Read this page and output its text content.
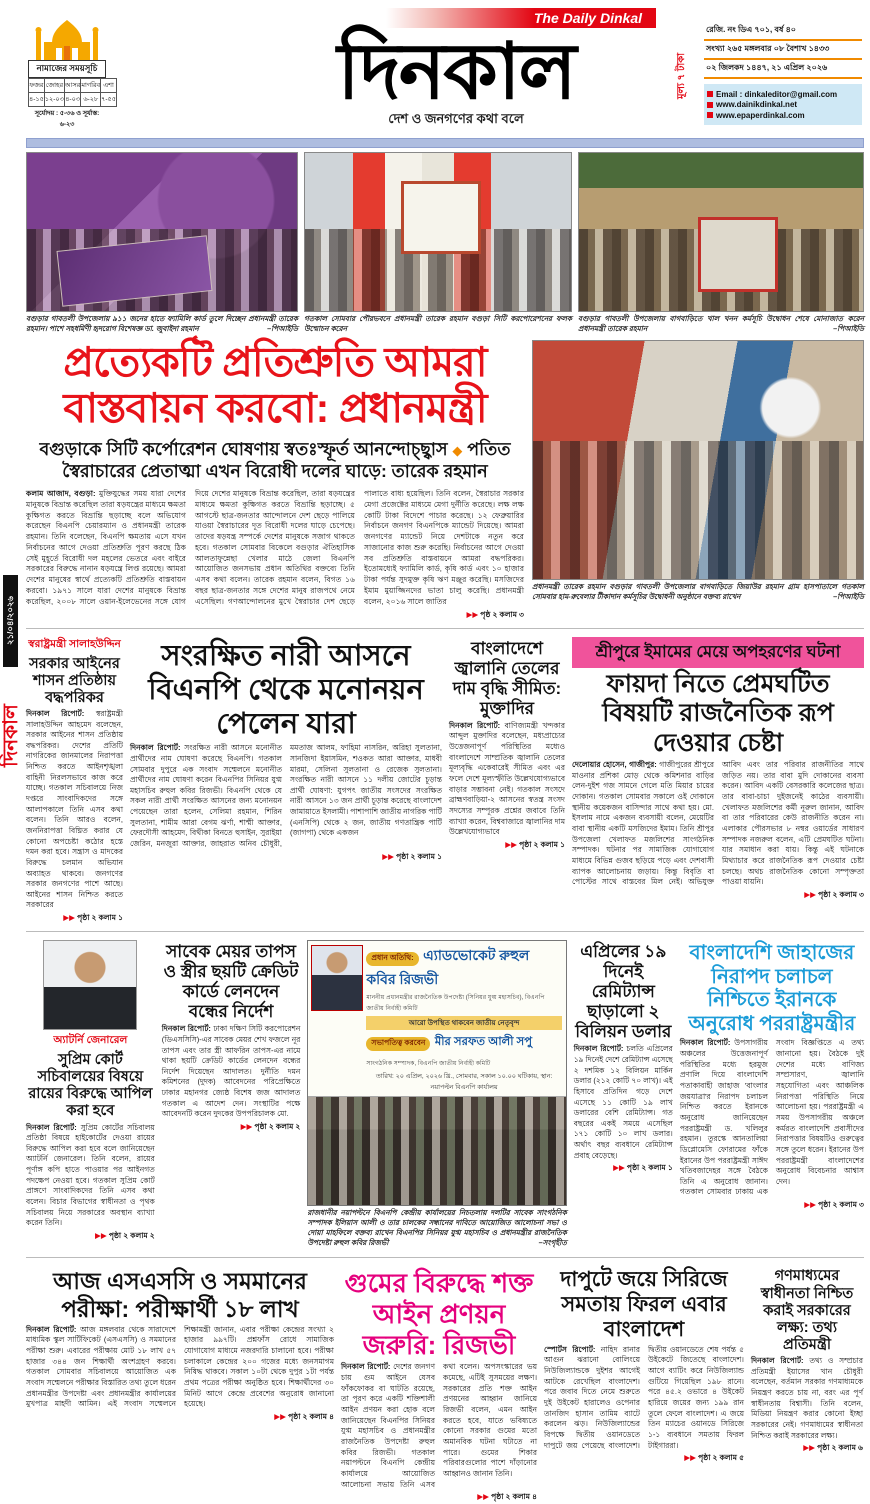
২১/০৪/২০২৬
দিনকাল
নামাজের সময়সূচি
ফজর	জোহর	আসর	মাগরিব	এশা
৪-১৫	১২-০৩	৪-০৩	৬-২৮	৭-৫৫
সূর্যোদয় : ৫-৩৬ ও সূর্যাস্ত: ৬-২৩
The Daily Dinkal
দিনকাল
দেশ ও জনগণের কথা বলে
মূল্য ৭ টাকা
রেজি. নং ডিএ ৭০১, বর্ষ ৪০
সংখ্যা ২৬৫ মঙ্গলবার ০৮ বৈশাখ ১৪৩৩
০২ জিলকদ ১৪৪৭, ২১ এপ্রিল ২০২৬
Email : dinkaleditor@gmail.com
www.dainikdinkal.net
www.epaperdinkal.com
বগুড়ার গাবতলী উপজেলায় ৯১১ জনের হাতে ফ্যামিলি কার্ড তুলে দিচ্ছেন প্রধানমন্ত্রী তারেক রহমান। পাশে সহধর্মিণী হৃদরোগ বিশেষজ্ঞ ডা. জুবাইদা রহমান	–পিআইডি
গতকাল সোমবার পৌরভবনে প্রধানমন্ত্রী তারেক রহমান বগুড়া সিটি করপোরেশনের ফলক উন্মোচন করেন
বগুড়ার গাবতলী উপজেলায় বাগবাড়িতে খাল খনন কর্মসূচি উদ্বোধন শেষে মোনাজাত করেন প্রধানমন্ত্রী তারেক রহমান	–পিআইডি
প্রত্যেকটি প্রতিশ্রুতি আমরা বাস্তবায়ন করবো: প্রধানমন্ত্রী
বগুড়াকে সিটি কর্পোরেশন ঘোষণায় স্বতঃস্ফূর্ত আনন্দোচ্ছ্বাস ◆ পতিত স্বৈরাচারের প্রেতাত্মা এখন বিরোধী দলের ঘাড়ে: তারেক রহমান
কলাম আজাদ, বগুড়া: মুক্তিযুদ্ধের সময় যারা দেশের মানুষকে বিভ্রান্ত করেছিল তারা ষড়যন্ত্রের মাধ্যমে ক্ষমতা কুক্ষিগত করতে বিভ্রান্তি ছড়াচ্ছে বলে অভিযোগ করেছেন বিএনপি চেয়ারম্যান ও প্রধানমন্ত্রী তারেক রহমান। তিনি বলেছেন, বিএনপি ক্ষমতায় এসে যখন নির্বাচনের আগে দেওয়া প্রতিশ্রুতি পূরণ করছে ঠিক সেই মুহূর্তে বিরোধী দল মহলের ভেতরে এবং বাইরে সরকারের বিরুদ্ধে নানান ষড়যন্ত্রে লিপ্ত রয়েছে। আমরা দেশের মানুষের স্বার্থে প্রত্যেকটি প্রতিশ্রুতি বাস্তবায়ন করবো। ১৯৭১ সালে যারা দেশের মানুষকে বিভ্রান্ত করেছিল, ২০০৮ সালে ওয়ান-ইলেভেনের সঙ্গে যোগ দিয়ে দেশের মানুষকে বিভ্রান্ত করেছিল, তারা ষড়যন্ত্রের মাধ্যমে ক্ষমতা কুক্ষিগত করতে বিভ্রান্তি ছড়াচ্ছে। ৫ আগস্টে ছাত্র-জনতার আন্দোলনে দেশ ছেড়ে পালিয়ে যাওয়া স্বৈরাচারের দূত বিরোধী দলের ঘাড়ে চেপেছে। তাদের ষড়যন্ত্র সম্পর্কে দেশের মানুষকে সজাগ থাকতে হবে। গতকাল সোমবার বিকেলে বগুড়ার ঐতিহাসিক আলতাফুন্নেছা খেলার মাঠে জেলা বিএনপি আয়োজিত জনসভায় প্রধান অতিথির বক্তব্যে তিনি এসব কথা বলেন। তারেক রহমান বলেন, বিগত ১৬ বছর ছাত্র-জনতার সঙ্গে দেশের মানুষ রাজপথে নেমে এসেছিল। গণআন্দোলনের মুখে স্বৈরাচার দেশ ছেড়ে পালাতে বাধ্য হয়েছিল। তিনি বলেন, স্বৈরাচার সরকার মেগা প্রজেক্টের মাধ্যমে মেগা দুর্নীতি করেছে। লক্ষ লক্ষ কোটি টাকা বিদেশে পাচার করেছে। ১২ ফেব্রুয়ারির নির্বাচনে জনগণ বিএনপিকে ম্যান্ডেট দিয়েছে। আমরা জনগণের ম্যান্ডেট নিয়ে দেশটাকে নতুন করে সাজানোর কাজ শুরু করেছি। নির্বাচনের আগে দেওয়া সব প্রতিশ্রুতি বাস্তবায়নে আমরা বদ্ধপরিকর। ইতোমধ্যেই ফ্যামিলি কার্ড, কৃষি কার্ড এবং ১০ হাজার টাকা পর্যন্ত সুদমুক্ত কৃষি ঋণ মঞ্জুর করেছি। মসজিদের ইমাম মুয়াজ্জিনদের ভাতা চালু করেছি। প্রধানমন্ত্রী বলেন, ২০১৬ সালে জাতির
▶▶ পৃষ্ঠ ২ কলাম ৩
প্রধানমন্ত্রী তারেক রহমান বগুড়ার গাবতলী উপজেলার বাগবাড়িতে জিয়াউর রহমান গ্রাম হাসপাতালে গতকাল সোমবার হাম-রুবেলার টীকাদান কর্মসূচির উদ্বোধনী অনুষ্ঠানে বক্তব্য রাখেন	–পিআইডি
স্বরাষ্ট্রমন্ত্রী সালাহউদ্দিন
সরকার আইনের শাসন প্রতিষ্ঠায় বদ্ধপরিকর
দিনকাল রিপোর্ট: স্বরাষ্ট্রমন্ত্রী সালাহউদ্দিন আহমেদ বলেছেন, সরকার আইনের শাসন প্রতিষ্ঠায় বদ্ধপরিকর। দেশের প্রতিটি নাগরিকের জানমালের নিরাপত্তা নিশ্চিত করতে আইনশৃঙ্খলা বাহিনী নিরলসভাবে কাজ করে যাচ্ছে। গতকাল সচিবালয়ে নিজ দপ্তরে সাংবাদিকদের সঙ্গে আলাপকালে তিনি এসব কথা বলেন। তিনি আরও বলেন, জননিরাপত্তা বিঘ্নিত করার যে কোনো অপচেষ্টা কঠোর হস্তে দমন করা হবে। সন্ত্রাস ও মাদকের বিরুদ্ধে চলমান অভিযান অব্যাহত থাকবে। জনগণের সরকার জনগণের পাশে আছে। আইনের শাসন নিশ্চিত করতে সরকারের
▶▶ পৃষ্ঠা ২ কলাম ১
সংরক্ষিত নারী আসনে বিএনপি থেকে মনোনয়ন পেলেন যারা
দিনকাল রিপোর্ট: সংরক্ষিত নারী আসনে মনোনীত প্রার্থীদের নাম ঘোষণা করেছে বিএনপি। গতকাল সোমবার দুপুরে এক সংবাদ সম্মেলনে মনোনীত প্রার্থীদের নাম ঘোষণা করেন বিএনপির সিনিয়র যুগ্ম মহাসচিব রুহুল কবির রিজভী। বিএনপি থেকে যে সকল নারী প্রার্থী সংরক্ষিত আসনের জন্য মনোনয়ন পেয়েছেন তারা হলেন, সেলিমা রহমান, শিরিন সুলতানা, শামীম আরা বেগম ঝর্ণা, শাম্মী আক্তার, ফেরদৌসী আহমেদ, বিথীকা বিনতে হুসাইন, সুরাইয়া জেরিন, মনজুরা আক্তার, জাহরাত অনিব চৌধুরী, মমতাজ আলম, ফাহিমা নাসরিন, অরিহা সুলতানা, সানজিদা ইয়াসমিন, শওকত আরা আক্তার, মাধবী মারমা, সেলিনা সুলতানা ও রেজেক সুলতানা। সংরক্ষিত নারী আসনে ১১ দলীয় জোটের চূড়ান্ত প্রার্থী ঘোষণা: যুগপৎ জাতীয় সংসদের সংরক্ষিত নারী আসনে ১৩ জন প্রার্থী চূড়ান্ত করেছে বাংলাদেশ জামায়াতে ইসলামী। পাশাপাশি জাতীয় নাগরিক পার্টি (এনসিপি) থেকে ২ জন, জাতীয় গণতান্ত্রিক পার্টি (জাগপা) থেকে একজন
▶▶ পৃষ্ঠা ২ কলাম ১
বাংলাদেশে জ্বালানি তেলের দাম বৃদ্ধি সীমিত: মুক্তাদির
দিনকাল রিপোর্ট: বাণিজ্যমন্ত্রী খন্দকার আব্দুল মুক্তাদির বলেছেন, মধ্যপ্রাচ্যের উত্তেজনাপূর্ণ পরিস্থিতির মধ্যেও বাংলাদেশে সাম্প্রতিক জ্বালানি তেলের মূল্যবৃদ্ধি একেবারেই সীমিত এবং এর ফলে দেশে মূল্যস্ফীতি উল্লেখযোগ্যভাবে বাড়ার সম্ভাবনা নেই। গতকাল সংসদে ব্রাহ্মণবাড়িয়া-২ আসনের স্বতন্ত্র সংসদ সদস্যের সম্পূরক প্রশ্নের জবাবে তিনি ব্যাখ্যা করেন, বিশ্ববাজারে জ্বালানির দাম উল্লেখযোগ্যভাবে
▶▶ পৃষ্ঠা ২ কলাম ১
শ্রীপুরে ইমামের মেয়ে অপহরণের ঘটনা
ফায়দা নিতে প্রেমঘটিত বিষয়টি রাজনৈতিক রূপ দেওয়ার চেষ্টা
দেলোয়ার হোসেন, গাজীপুর: গাজীপুরের শ্রীপুরে মাওনার প্রশিকা মোড় থেকে কমিশনার বাড়ির লেন-দুইশ গজ সামনে গেলে মতি মিয়ার চায়ের দোকান। গতকাল সোমবার সকালে ওই দোকানে স্থানীয় কয়েকজন বাসিন্দার সাথে কথা হয়। মো. ইসলাম নামে একজন ব্যবসায়ী বলেন, মেয়েটির বাবা স্থানীয় একটি মসজিদের ইমাম। তিনি শ্রীপুর উপজেলা খেলাফত মজলিশের সাংগঠনিক সম্পাদক। ঘটনার পর সামাজিক যোগাযোগ মাধ্যমে বিভিন্ন গুজব ছড়িয়ে পড়ে এবং দেশবাসী ব্যাপক আলোচনায় জড়ায়। কিন্তু বিবৃতি বা পোস্টের সাথে বাস্তবের মিল নেই। অভিযুক্ত আবিদ এবং তার পরিবার রাজনীতির সাথে জড়িত নয়। তার বাবা মুদি দোকানের ব্যবসা করেন। আবিদ একটি বেসরকারি কলেজের ছাত্র। তার বাবা-চাচা দুইজনেই কাঠের ব্যবসায়ী। খেলাফত মজলিশের কর্মী নূরুল জানান, আবিদ বা তার পরিবারের কেউ রাজনীতি করেন না। এলাকার পৌরসভার ৮ নম্বর ওয়ার্ডের সাধারণ সম্পাদক নজরুল বলেন, এটি প্রেমঘটিত ঘটনা। যার সমাধান করা যায়। কিন্তু এই ঘটনাকে মিথ্যাচার করে রাজনৈতিক রূপ দেওয়ার চেষ্টা চলছে। অথচ রাজনৈতিক কোনো সম্পৃক্ততা পাওয়া যায়নি।
▶▶ পৃষ্ঠা ২ কলাম ৩
অ্যাটর্নি জেনারেল
সুপ্রিম কোর্ট সচিবালয়ের বিষয়ে রায়ের বিরুদ্ধে আপিল করা হবে
দিনকাল রিপোর্ট: সুপ্রিম কোর্টের সচিবালয় প্রতিষ্ঠা বিষয়ে হাইকোর্টের দেওয়া রায়ের বিরুদ্ধে আপিল করা হবে বলে জানিয়েছেন অ্যাটর্নি জেনারেল। তিনি বলেন, রায়ের পূর্ণাঙ্গ কপি হাতে পাওয়ার পর আইনগত পদক্ষেপ নেওয়া হবে। গতকাল সুপ্রিম কোর্ট প্রাঙ্গণে সাংবাদিকদের তিনি এসব কথা বলেন। বিচার বিভাগের স্বাধীনতা ও পৃথক সচিবালয় নিয়ে সরকারের অবস্থান ব্যাখ্যা করেন তিনি।
▶▶ পৃষ্ঠা ২ কলাম ২
সাবেক মেয়র তাপস ও স্ত্রীর ছয়টি ক্রেডিট কার্ডে লেনদেন বন্ধের নির্দেশ
দিনকাল রিপোর্ট: ঢাকা দক্ষিণ সিটি করপোরেশন (ডিএসসিসি)-এর সাবেক মেয়র শেখ ফজলে নূর তাপস এবং তার স্ত্রী আফরিন তাপস-এর নামে থাকা ছয়টি ক্রেডিট কার্ডের লেনদেন বন্ধের নির্দেশ দিয়েছেন আদালত। দুর্নীতি দমন কমিশনের (দুদক) আবেদনের পরিপ্রেক্ষিতে ঢাকার মহানগর জ্যেষ্ঠ বিশেষ জজ আদালত গতকাল এ আদেশ দেন। সংস্থাটির পক্ষে আবেদনটি করেন দুদকের উপপরিচালক মো.
▶▶ পৃষ্ঠা ২ কলাম ২
প্রধান অতিথি: এ্যাডভোকেট রুহুল কবির রিজভী
মাননীয় প্রধানমন্ত্রীর রাজনৈতিক উপদেষ্টা (সিনিয়র যুগ্ম মহাসচিব), বিএনপি জাতীয় নির্বাহী কমিটি
আরো উপস্থিত থাকবেন জাতীয় নেতৃবৃন্দ
সভাপতিত্ব করবেন মীর সরফত আলী সপু সাংগঠনিক সম্পাদক, বিএনপি জাতীয় নির্বাহী কমিটি
তারিখ: ২০ এপ্রিল, ২০২৬ খ্রি., সোমবার, সকাল ১০.০০ ঘটিকায়, স্থান: নয়াপল্টন বিএনপি কার্যালয়
রাজধানীর নয়াপল্টনে বিএনপি কেন্দ্রীয় কার্যালয়ের নিচতলায় দলটির সাবেক সাংগঠনিক সম্পাদক ইলিয়াস আলী ও তার চালকের সন্ধানের দাবিতে আয়োজিত আলোচনা সভা ও দোয়া মাহফিলে বক্তব্য রাখেন বিএনপির সিনিয়র যুগ্ম মহাসচিব ও প্রধানমন্ত্রীর রাজনৈতিক উপদেষ্টা রুহুল কবির রিজভী	–সংগৃহীত
এপ্রিলের ১৯ দিনেই রেমিট্যান্স ছাড়ালো ২ বিলিয়ন ডলার
দিনকাল রিপোর্ট: চলতি এপ্রিলের ১৯ দিনেই দেশে রেমিট্যান্স এসেছে ২ দশমিক ১২ বিলিয়ন মার্কিন ডলার (২১২ কোটি ৭০ লাখ)। এই হিসাবে প্রতিদিন গড়ে দেশে এসেছে ১১ কোটি ১৯ লাখ ডলারের বেশি রেমিট্যান্স। গত বছরের একই সময়ে এসেছিল ১৭১ কোটি ১০ লাখ ডলার। অর্থাৎ বছর ব্যবধানে রেমিট্যান্স প্রবাহ বেড়েছে।
▶▶ পৃষ্ঠা ২ কলাম ১
বাংলাদেশি জাহাজের নিরাপদ চলাচল নিশ্চিতে ইরানকে অনুরোধ পররাষ্ট্রমন্ত্রীর
দিনকাল রিপোর্ট: উপসাগরীয় অঞ্চলের উত্তেজনাপূর্ণ পরিস্থিতির মধ্যে হরমুজ প্রণালি দিয়ে বাংলাদেশি পতাকাবাহী জাহাজ 'বাংলার জয়যাত্রা'র নিরাপদ চলাচল নিশ্চিত করতে ইরানকে অনুরোধ জানিয়েছেন পররাষ্ট্রমন্ত্রী ড. খলিলুর রহমান। তুরস্কে আনতালিয়া ডিপ্লোমেসি ফোরামের ফাঁকে ইরানের উপ পররাষ্ট্রমন্ত্রী সাঈদ খতিবজাদেহর সঙ্গে বৈঠকে তিনি এ অনুরোধ জানান। গতকাল সোমবার ঢাকায় এক সংবাদ বিজ্ঞপ্তিতে এ তথ্য জানানো হয়। বৈঠকে দুই দেশের মধ্যে বাণিজ্য সম্প্রসারণ, জ্বালানি সহযোগিতা এবং আঞ্চলিক নিরাপত্তা পরিস্থিতি নিয়ে আলোচনা হয়। পররাষ্ট্রমন্ত্রী এ সময় উপসাগরীয় অঞ্চলে কর্মরত বাংলাদেশি প্রবাসীদের নিরাপত্তার বিষয়টিও গুরুত্বের সঙ্গে তুলে ধরেন। ইরানের উপ পররাষ্ট্রমন্ত্রী বাংলাদেশের অনুরোধ বিবেচনার আশ্বাস দেন।
▶▶ পৃষ্ঠা ২ কলাম ৩
আজ এসএসসি ও সমমানের পরীক্ষা: পরীক্ষার্থী ১৮ লাখ
দিনকাল রিপোর্ট: আজ মঙ্গলবার থেকে সারাদেশে মাধ্যমিক স্কুল সার্টিফিকেট (এসএসসি) ও সমমানের পরীক্ষা শুরু। এবারের পরীক্ষায় মোট ১৮ লাখ ৫৭ হাজার ৩৪৪ জন শিক্ষার্থী অংশগ্রহণ করবে। গতকাল সোমবার সচিবালয়ে আয়োজিত এক সংবাদ সম্মেলনে পরীক্ষার বিস্তারিত তথ্য তুলে ধরেন প্রধানমন্ত্রীর উপদেষ্টা এবং প্রধানমন্ত্রীর কার্যালয়ের মুখপাত্র মাহদী আমিন। এই সংবাদ সম্মেলনে শিক্ষামন্ত্রী জানান, এবার পরীক্ষা কেন্দ্রের সংখ্যা ২ হাজার ৯৯৭টি। প্রশ্নফাঁস রোধে সামাজিক যোগাযোগ মাধ্যমে নজরদারি চালানো হবে। পরীক্ষা চলাকালে কেন্দ্রের ২০০ গজের মধ্যে জনসমাগম নিষিদ্ধ থাকবে। সকাল ১০টা থেকে দুপুর ১টা পর্যন্ত প্রথম পত্রের পরীক্ষা অনুষ্ঠিত হবে। শিক্ষার্থীদের ৩০ মিনিট আগে কেন্দ্রে প্রবেশের অনুরোধ জানানো হয়েছে।
▶▶ পৃষ্ঠা ২ কলাম ৪
গুমের বিরুদ্ধে শক্ত আইন প্রণয়ন জরুরি: রিজভী
দিনকাল রিপোর্ট: দেশের জনগণ চায় গুম আইনে যেসব ফাঁকফোকর বা ঘাটতি রয়েছে, তা পূরণ করে একটি শক্তিশালী আইন প্রণয়ন করা হোক বলে জানিয়েছেন বিএনপির সিনিয়র যুগ্ম মহাসচিব ও প্রধানমন্ত্রীর রাজনৈতিক উপদেষ্টা রুহুল কবির রিজভী। গতকাল নয়াপল্টনে বিএনপি কেন্দ্রীয় কার্যালয়ে আয়োজিত আলোচনা সভায় তিনি এসব কথা বলেন। অপসংস্কারের ভয় কমেছে, এটিই সুসময়ের লক্ষণ। সরকারের প্রতি শক্ত আইন প্রণয়নের আহ্বান জানিয়ে রিজভী বলেন, এমন আইন করতে হবে, যাতে ভবিষ্যতে কোনো সরকার গুমের মতো অমানবিক ঘটনা ঘটাতে না পারে। গুমের শিকার পরিবারগুলোর পাশে দাঁড়ানোর আহ্বানও জানান তিনি।
▶▶ পৃষ্ঠা ২ কলাম ৪
দাপুটে জয়ে সিরিজে সমতায় ফিরল এবার বাংলাদেশ
স্পোর্টস রিপোর্ট: নাহিদ রানার আগুন ঝরানো বোলিংয়ে নিউজিল্যান্ডকে দুইশর আগেই আটকে রেখেছিল বাংলাদেশ। পরে জবাব দিতে নেমে শুরুতে দুই উইকেট হারালেও ওপেনার তানজিদ হাসান তামিম ব্যাটে করলেন ঝড়। নিউজিল্যান্ডের বিপক্ষে দ্বিতীয় ওয়ানডেতে দাপুটে জয় পেয়েছে বাংলাদেশ। দ্বিতীয় ওয়ানডেতে শেষ পর্যন্ত ৫ উইকেটে জিতেছে বাংলাদেশ। আগে ব্যাটিং করে নিউজিল্যান্ড গুটিয়ে গিয়েছিল ১৯৮ রানে। পরে ৪৫.২ ওভারে ৪ উইকেট হারিয়ে জয়ের জন্য ১৯৯ রান তুলে ফেলে বাংলাদেশ। এ জয়ে তিন ম্যাচের ওয়ানডে সিরিজে ১-১ ব্যবধানে সমতায় ফিরল টাইগাররা।
▶▶ পৃষ্ঠা ২ কলাম ৫
গণমাধ্যমের স্বাধীনতা নিশ্চিত করাই সরকারের লক্ষ্য: তথ্য প্রতিমন্ত্রী
দিনকাল রিপোর্ট: তথ্য ও সম্প্রচার প্রতিমন্ত্রী ইয়াসের খান চৌধুরী বলেছেন, বর্তমান সরকার গণমাধ্যমকে নিয়ন্ত্রণ করতে চায় না, বরং এর পূর্ণ স্বাধীনতায় বিশ্বাসী। তিনি বলেন, মিডিয়া নিয়ন্ত্রণ করার কোনো ইচ্ছা সরকারের নেই। গণমাধ্যমের স্বাধীনতা নিশ্চিত করাই সরকারের লক্ষ্য।
▶▶ পৃষ্ঠা ২ কলাম ৬
